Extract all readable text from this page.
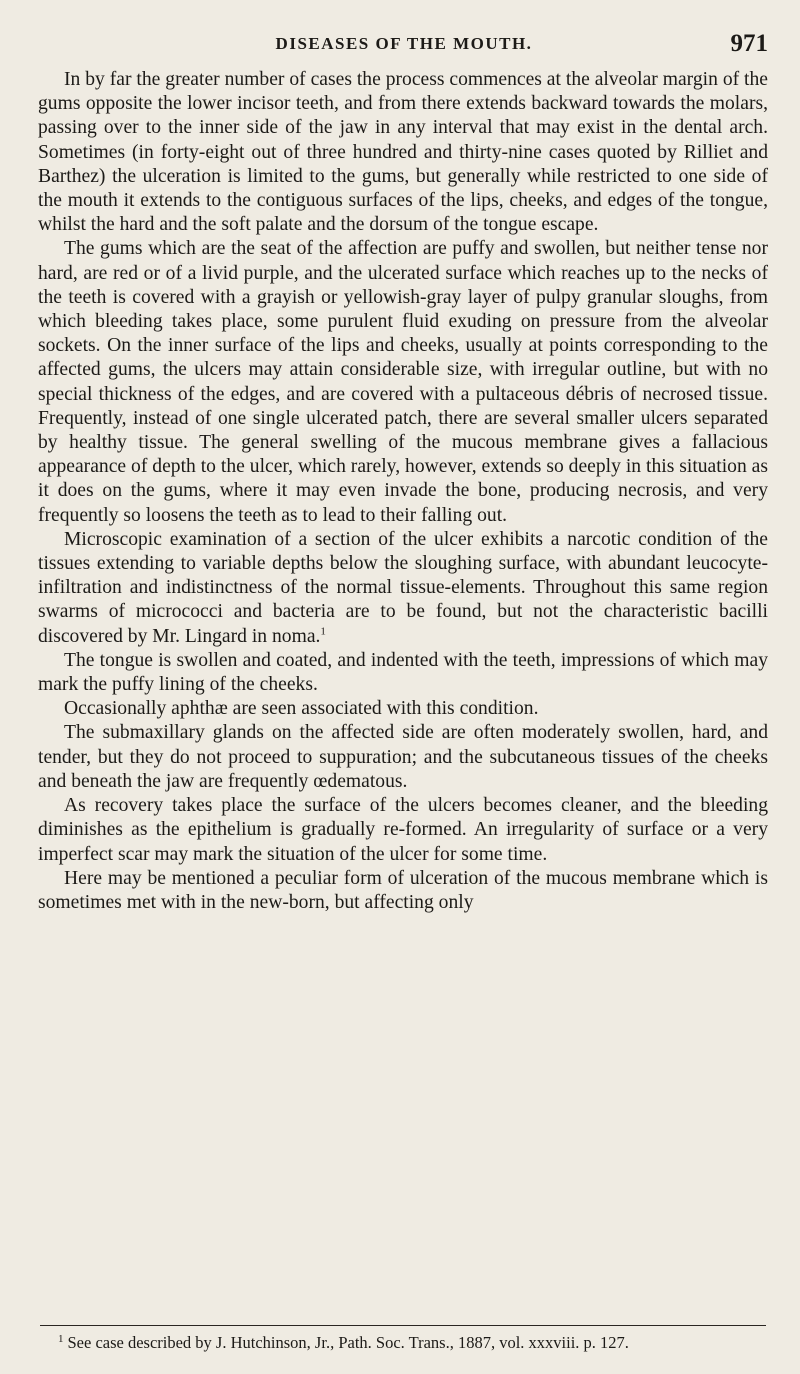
DISEASES OF THE MOUTH.	971

In by far the greater number of cases the process commences at the alveolar margin of the gums opposite the lower incisor teeth, and from there extends backward towards the molars, passing over to the inner side of the jaw in any interval that may exist in the dental arch. Sometimes (in forty-eight out of three hundred and thirty-nine cases quoted by Rilliet and Barthez) the ulceration is limited to the gums, but generally while restricted to one side of the mouth it extends to the contiguous surfaces of the lips, cheeks, and edges of the tongue, whilst the hard and the soft palate and the dorsum of the tongue escape.

The gums which are the seat of the affection are puffy and swollen, but neither tense nor hard, are red or of a livid purple, and the ulcerated surface which reaches up to the necks of the teeth is covered with a grayish or yellowish-gray layer of pulpy granular sloughs, from which bleeding takes place, some purulent fluid exuding on pressure from the alveolar sockets. On the inner surface of the lips and cheeks, usually at points corresponding to the affected gums, the ulcers may attain considerable size, with irregular outline, but with no special thickness of the edges, and are covered with a pultaceous débris of necrosed tissue. Frequently, instead of one single ulcerated patch, there are several smaller ulcers separated by healthy tissue. The general swelling of the mucous membrane gives a fallacious appearance of depth to the ulcer, which rarely, however, extends so deeply in this situation as it does on the gums, where it may even invade the bone, producing necrosis, and very frequently so loosens the teeth as to lead to their falling out.

Microscopic examination of a section of the ulcer exhibits a narcotic condition of the tissues extending to variable depths below the sloughing surface, with abundant leucocyte-infiltration and indistinctness of the normal tissue-elements. Throughout this same region swarms of micrococci and bacteria are to be found, but not the characteristic bacilli discovered by Mr. Lingard in noma.$^1$

The tongue is swollen and coated, and indented with the teeth, impressions of which may mark the puffy lining of the cheeks.

Occasionally aphthæ are seen associated with this condition.

The submaxillary glands on the affected side are often moderately swollen, hard, and tender, but they do not proceed to suppuration; and the subcutaneous tissues of the cheeks and beneath the jaw are frequently œdematous.

As recovery takes place the surface of the ulcers becomes cleaner, and the bleeding diminishes as the epithelium is gradually re-formed. An irregularity of surface or a very imperfect scar may mark the situation of the ulcer for some time.

Here may be mentioned a peculiar form of ulceration of the mucous membrane which is sometimes met with in the new-born, but affecting only

$^1$ See case described by J. Hutchinson, Jr., Path. Soc. Trans., 1887, vol. xxxviii. p. 127.
